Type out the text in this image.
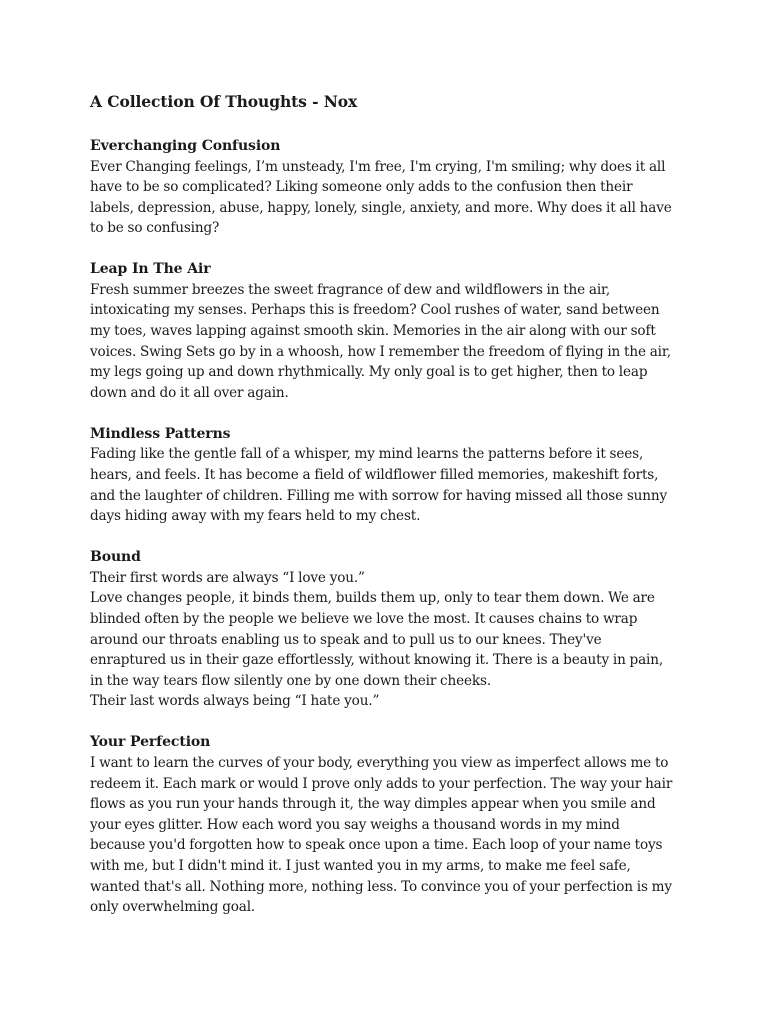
A Collection Of Thoughts - Nox
Everchanging Confusion

Ever Changing feelings, I’m unsteady, I'm free, I'm crying, I'm smiling; why does it all have to be so complicated? Liking someone only adds to the confusion then their labels, depression, abuse, happy, lonely, single, anxiety, and more. Why does it all have to be so confusing?

Leap In The Air

Fresh summer breezes the sweet fragrance of dew and wildflowers in the air, intoxicating my senses. Perhaps this is freedom? Cool rushes of water, sand between my toes, waves lapping against smooth skin. Memories in the air along with our soft voices. Swing Sets go by in a whoosh, how I remember the freedom of flying in the air, my legs going up and down rhythmically. My only goal is to get higher, then to leap down and do it all over again.

Mindless Patterns

Fading like the gentle fall of a whisper, my mind learns the patterns before it sees, hears, and feels. It has become a field of wildflower filled memories, makeshift forts, and the laughter of children. Filling me with sorrow for having missed all those sunny days hiding away with my fears held to my chest.

Bound

Their first words are always “I love you.”

Love changes people, it binds them, builds them up, only to tear them down. We are blinded often by the people we believe we love the most. It causes chains to wrap around our throats enabling us to speak and to pull us to our knees. They've enraptured us in their gaze effortlessly, without knowing it. There is a beauty in pain, in the way tears flow silently one by one down their cheeks.

Their last words always being “I hate you.”

Your Perfection

I want to learn the curves of your body, everything you view as imperfect allows me to redeem it. Each mark or would I prove only adds to your perfection. The way your hair flows as you run your hands through it, the way dimples appear when you smile and your eyes glitter. How each word you say weighs a thousand words in my mind because you'd forgotten how to speak once upon a time. Each loop of your name toys with me, but I didn't mind it. I just wanted you in my arms, to make me feel safe, wanted that's all. Nothing more, nothing less. To convince you of your perfection is my only overwhelming goal.
